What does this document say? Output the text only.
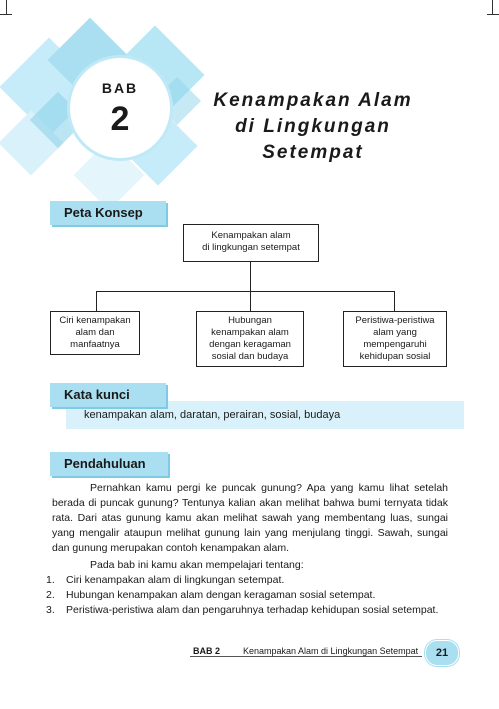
BAB
2	Kenampakan Alam
di Lingkungan
Setempat
Peta Konsep
Kenampakan alam
di lingkungan setempat
Ciri kenampakan
alam dan
manfaatnya
Hubungan
kenampakan alam
dengan keragaman
sosial dan budaya
Peristiwa-peristiwa
alam yang
mempengaruhi
kehidupan sosial
Kata kunci
kenampakan alam, daratan, perairan, sosial, budaya
Pendahuluan
Pernahkan kamu pergi ke puncak gunung? Apa yang kamu lihat setelah berada di puncak gunung? Tentunya kalian akan melihat bahwa bumi ternyata tidak rata. Dari atas gunung kamu akan melihat sawah yang membentang luas, sungai yang mengalir ataupun melihat gunung lain yang menjulang tinggi. Sawah, sungai dan gunung merupakan contoh kenampakan alam.
Pada bab ini kamu akan mempelajari tentang:
1. Ciri kenampakan alam di lingkungan setempat.
2. Hubungan kenampakan alam dengan keragaman sosial setempat.
3. Peristiwa-peristiwa alam dan pengaruhnya terhadap kehidupan sosial setempat.
BAB 2	Kenampakan Alam di Lingkungan Setempat	21
